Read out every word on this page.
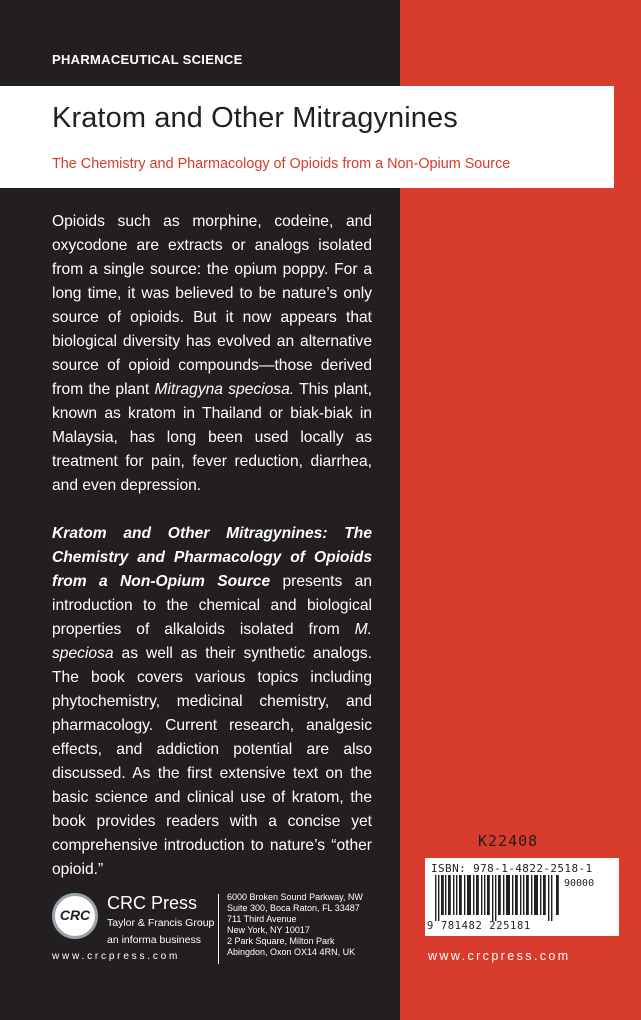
PHARMACEUTICAL SCIENCE
Kratom and Other Mitragynines
The Chemistry and Pharmacology of Opioids from a Non-Opium Source

Opioids such as morphine, codeine, and oxycodone are extracts or analogs isolated from a single source: the opium poppy. For a long time, it was believed to be nature’s only source of opioids. But it now appears that biological diversity has evolved an alternative source of opioid compounds—those derived from the plant Mitragyna speciosa. This plant, known as kratom in Thailand or biak-biak in Malaysia, has long been used locally as treatment for pain, fever reduction, diarrhea, and even depression.

Kratom and Other Mitragynines: The Chemistry and Pharmacology of Opioids from a Non-Opium Source presents an introduction to the chemical and biological properties of alkaloids isolated from M. speciosa as well as their synthetic analogs. The book covers various topics including phytochemistry, medicinal chemistry, and pharmacology. Current research, analgesic effects, and addiction potential are also discussed. As the first extensive text on the basic science and clinical use of kratom, the book provides readers with a concise yet comprehensive introduction to nature’s “other opioid.”

CRC
CRC Press
Taylor & Francis Group
an informa business
www.crcpress.com
6000 Broken Sound Parkway, NW
Suite 300, Boca Raton, FL 33487
711 Third Avenue
New York, NY 10017
2 Park Square, Milton Park
Abingdon, Oxon OX14 4RN, UK
K22408
ISBN: 978-1-4822-2518-1
90000
9 781482 225181
www.crcpress.com
